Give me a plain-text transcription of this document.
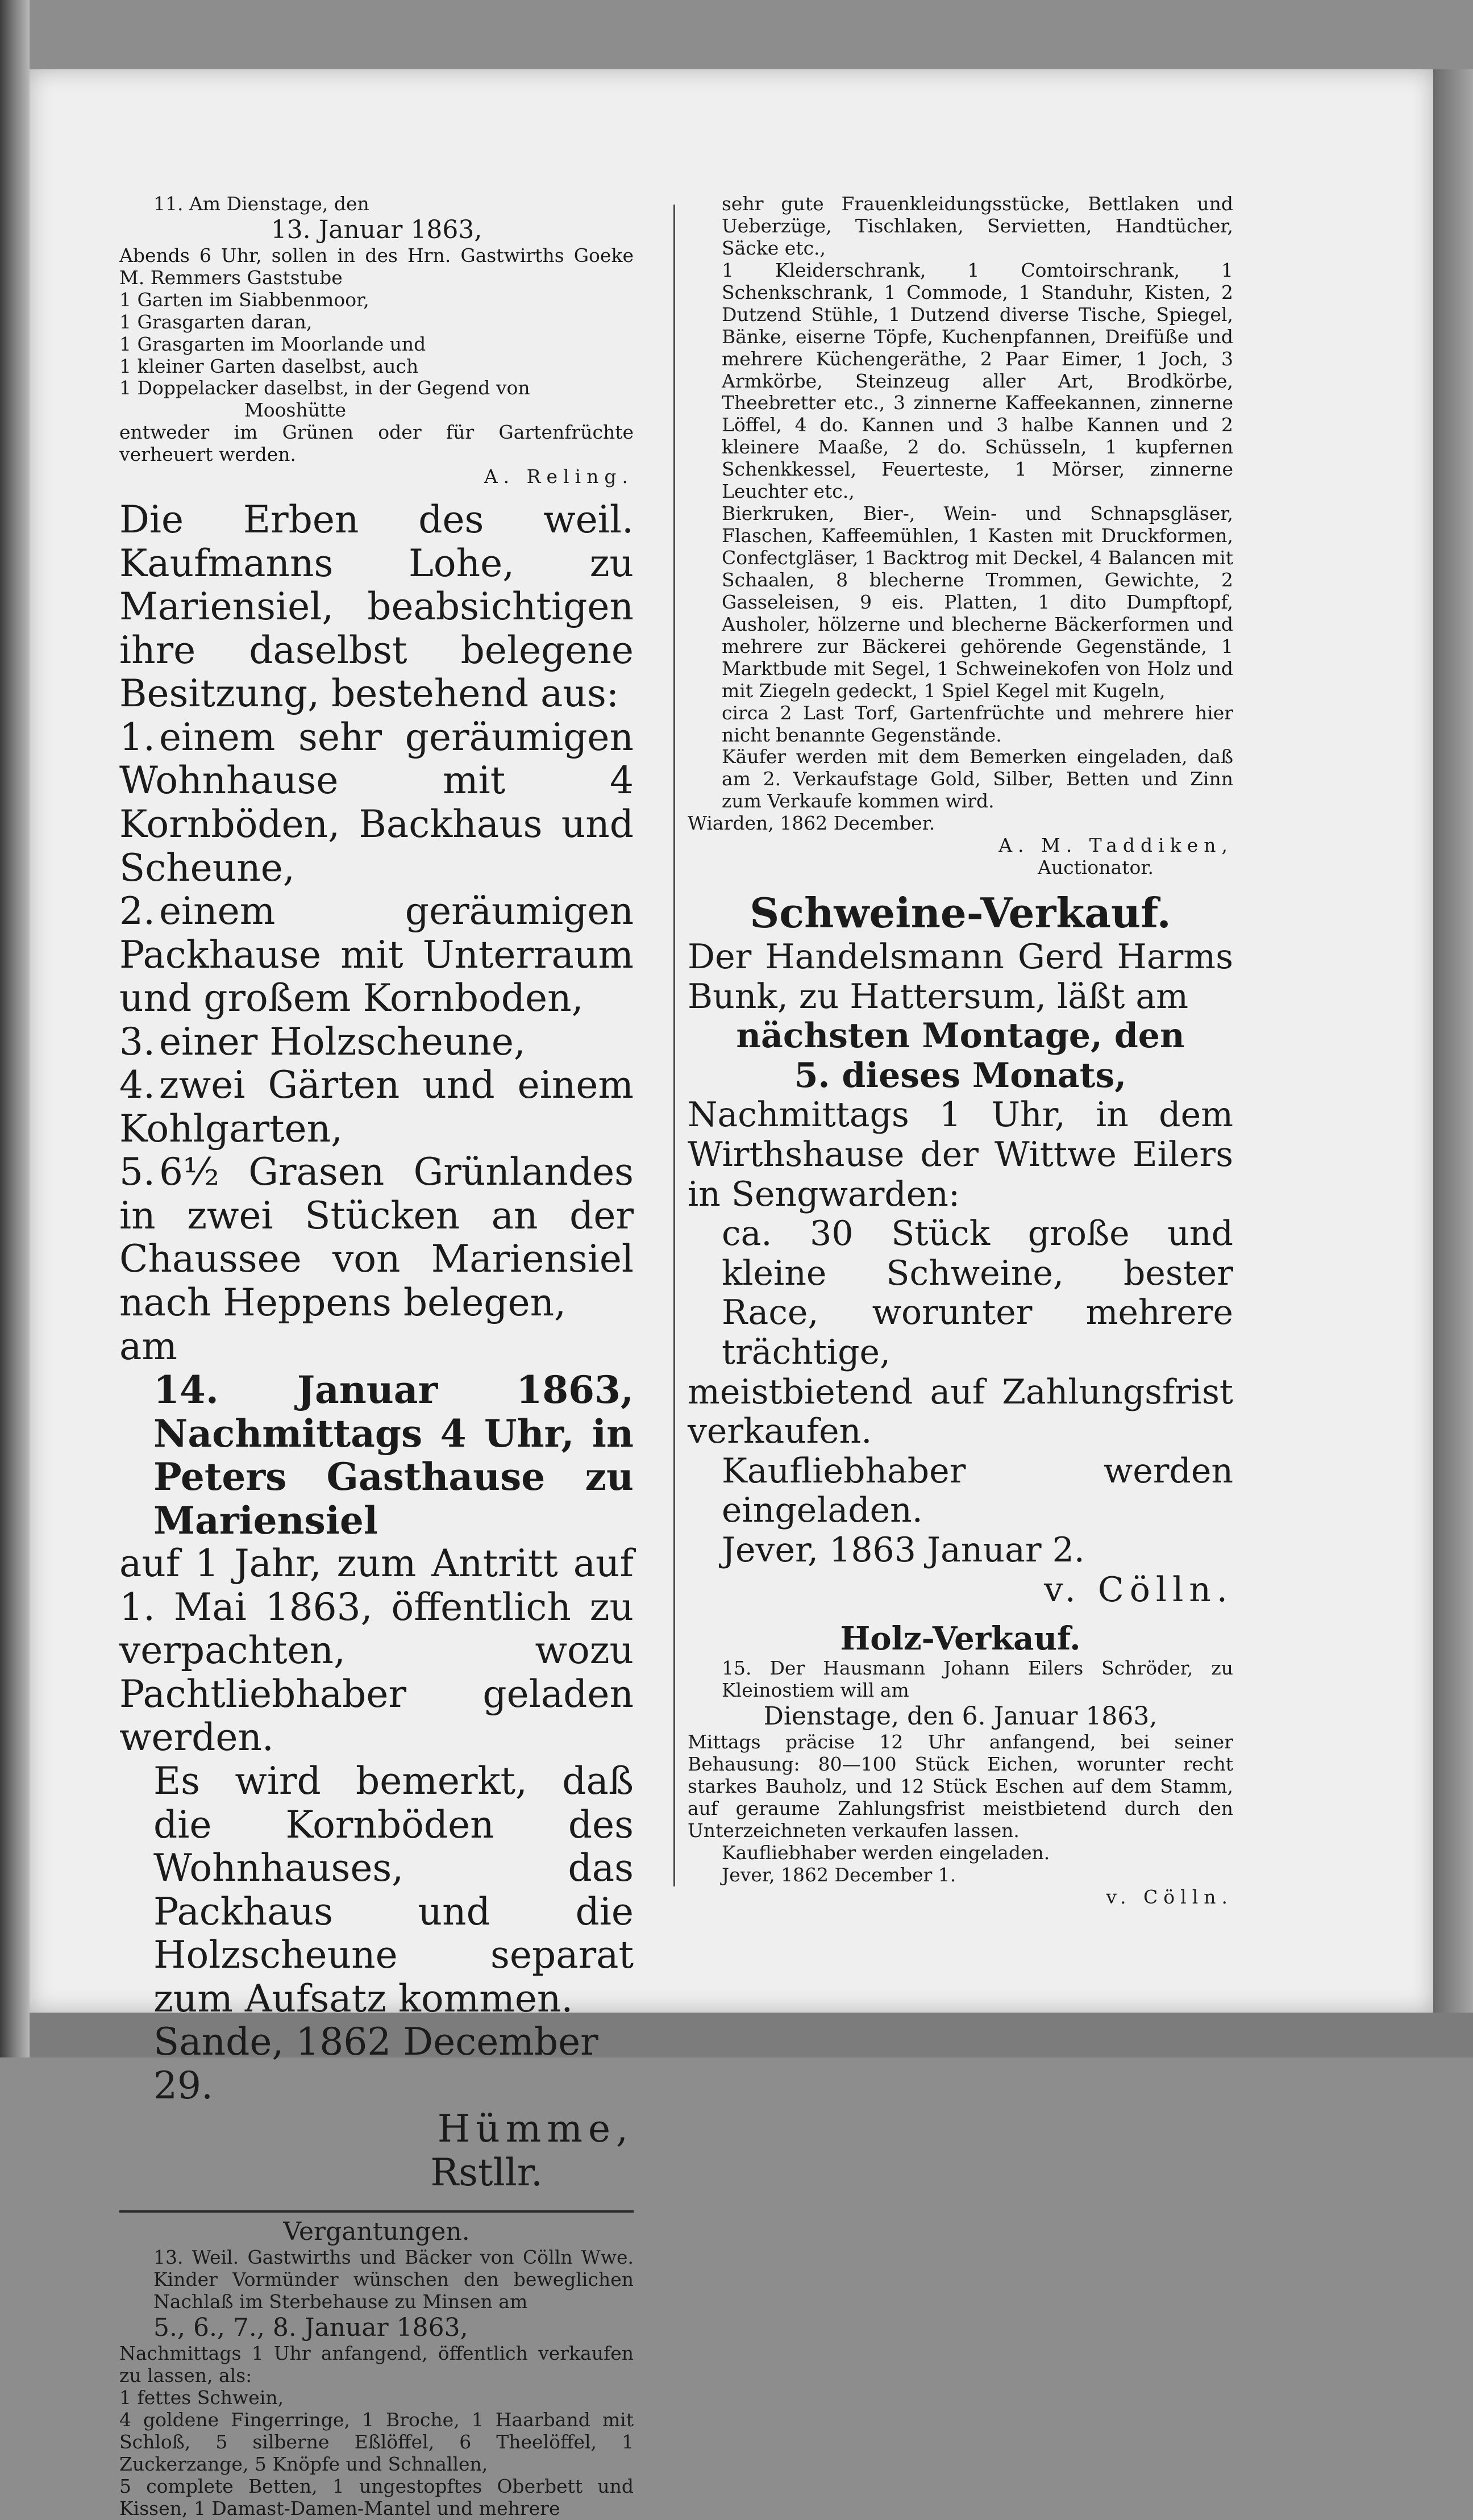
11. Am Dienstage, den

13. Januar 1863,

Abends 6 Uhr, sollen in des Hrn. Gastwirths Goeke M. Remmers Gaststube

1 Garten im Siabbenmoor,
1 Grasgarten daran,
1 Grasgarten im Moorlande und
1 kleiner Garten daselbst, auch
1 Doppelacker daselbst, in der Gegend von

Mooshütte

entweder im Grünen oder für Gartenfrüchte verheuert werden.

A. Reling.

Die Erben des weil. Kaufmanns Lohe, zu Mariensiel, beabsichtigen ihre daselbst belegene Besitzung, bestehend aus:

1. einem sehr geräumigen Wohnhause mit 4 Kornböden, Backhaus und Scheune,
2. einem geräumigen Packhause mit Unterraum und großem Kornboden,
3. einer Holzscheune,
4. zwei Gärten und einem Kohlgarten,
5. 6½ Grasen Grünlandes in zwei Stücken an der Chaussee von Mariensiel nach Heppens belegen,

am

14. Januar 1863, Nachmittags 4 Uhr, in Peters Gasthause zu Mariensiel

auf 1 Jahr, zum Antritt auf 1. Mai 1863, öffentlich zu verpachten, wozu Pachtliebhaber geladen werden.

Es wird bemerkt, daß die Kornböden des Wohnhauses, das Packhaus und die Holzscheune separat zum Aufsatz kommen.

Sande, 1862 December 29.

Hümme,

Rstllr.

Vergantungen.

13. Weil. Gastwirths und Bäcker von Cölln Wwe. Kinder Vormünder wünschen den beweglichen Nachlaß im Sterbehause zu Minsen am

5., 6., 7., 8. Januar 1863,

Nachmittags 1 Uhr anfangend, öffentlich verkaufen zu lassen, als:

1 fettes Schwein,
4 goldene Fingerringe, 1 Broche, 1 Haarband mit Schloß, 5 silberne Eßlöffel, 6 Theelöffel, 1 Zuckerzange, 5 Knöpfe und Schnallen,
5 complete Betten, 1 ungestopftes Oberbett und Kissen, 1 Damast-Damen-Mantel und mehrere

sehr gute Frauenkleidungsstücke, Bettlaken und Ueberzüge, Tischlaken, Servietten, Handtücher, Säcke etc.,

1 Kleiderschrank, 1 Comtoirschrank, 1 Schenkschrank, 1 Commode, 1 Standuhr, Kisten, 2 Dutzend Stühle, 1 Dutzend diverse Tische, Spiegel, Bänke, eiserne Töpfe, Kuchenpfannen, Dreifüße und mehrere Küchengeräthe, 2 Paar Eimer, 1 Joch, 3 Armkörbe, Steinzeug aller Art, Brodkörbe, Theebretter etc., 3 zinnerne Kaffeekannen, zinnerne Löffel, 4 do. Kannen und 3 halbe Kannen und 2 kleinere Maaße, 2 do. Schüsseln, 1 kupfernen Schenkkessel, Feuerteste, 1 Mörser, zinnerne Leuchter etc.,

Bierkruken, Bier-, Wein- und Schnapsgläser, Flaschen, Kaffeemühlen, 1 Kasten mit Druckformen, Confectgläser, 1 Backtrog mit Deckel, 4 Balancen mit Schaalen, 8 blecherne Trommen, Gewichte, 2 Gasseleisen, 9 eis. Platten, 1 dito Dumpftopf, Ausholer, hölzerne und blecherne Bäckerformen und mehrere zur Bäckerei gehörende Gegenstände, 1 Marktbude mit Segel, 1 Schweinekofen von Holz und mit Ziegeln gedeckt, 1 Spiel Kegel mit Kugeln,

circa 2 Last Torf, Gartenfrüchte und mehrere hier nicht benannte Gegenstände.

Käufer werden mit dem Bemerken eingeladen, daß am 2. Verkaufstage Gold, Silber, Betten und Zinn zum Verkaufe kommen wird.

Wiarden, 1862 December.

A. M. Taddiken,

Auctionator.

Schweine-Verkauf.

Der Handelsmann Gerd Harms Bunk, zu Hattersum, läßt am

nächsten Montage, den

5. dieses Monats,

Nachmittags 1 Uhr, in dem Wirthshause der Wittwe Eilers in Sengwarden:

ca. 30 Stück große und kleine Schweine, bester Race, worunter mehrere trächtige,

meistbietend auf Zahlungsfrist verkaufen.

Kaufliebhaber werden eingeladen.

Jever, 1863 Januar 2.

v. Cölln.

Holz-Verkauf.

15. Der Hausmann Johann Eilers Schröder, zu Kleinostiem will am

Dienstage, den 6. Januar 1863,

Mittags präcise 12 Uhr anfangend, bei seiner Behausung: 80—100 Stück Eichen, worunter recht starkes Bauholz, und 12 Stück Eschen auf dem Stamm, auf geraume Zahlungsfrist meistbietend durch den Unterzeichneten verkaufen lassen.

Kaufliebhaber werden eingeladen.

Jever, 1862 December 1.

v. Cölln.
